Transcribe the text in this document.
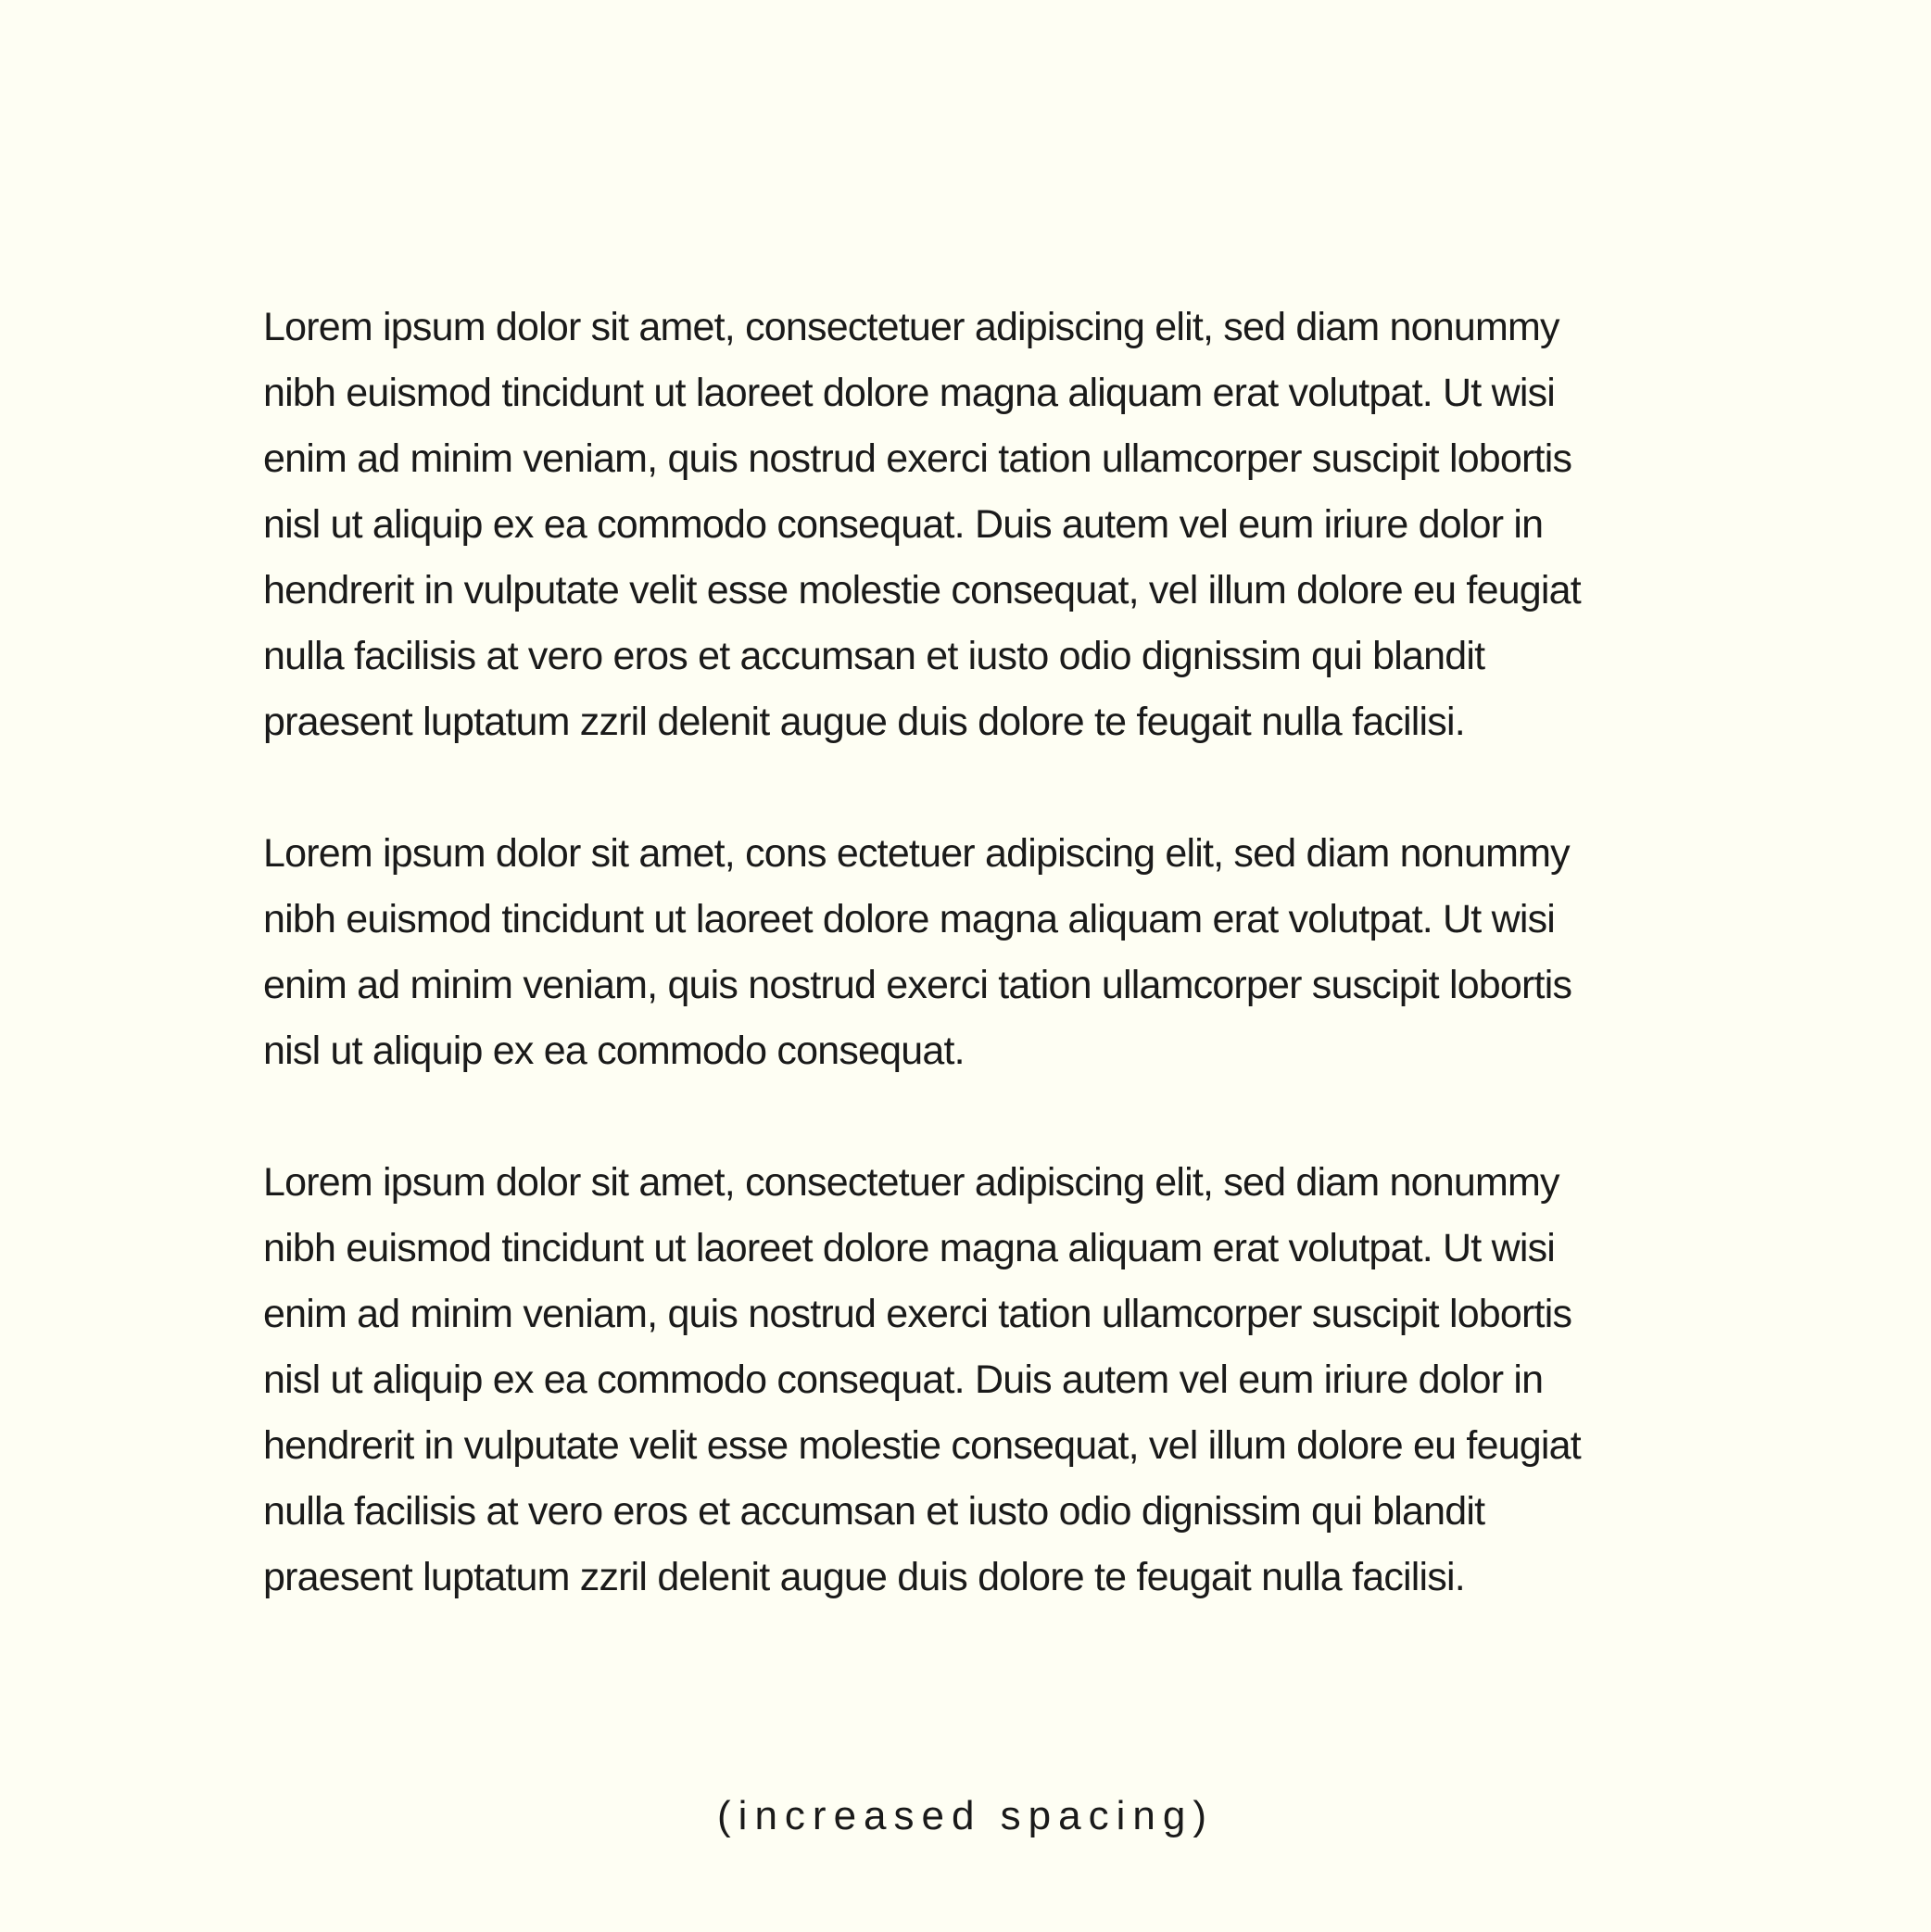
Lorem ipsum dolor sit amet, consectetuer adipiscing elit, sed diam nonummy
nibh euismod tincidunt ut laoreet dolore magna aliquam erat volutpat. Ut wisi
enim ad minim veniam, quis nostrud exerci tation ullamcorper suscipit lobortis
nisl ut aliquip ex ea commodo consequat. Duis autem vel eum iriure dolor in
hendrerit in vulputate velit esse molestie consequat, vel illum dolore eu feugiat
nulla facilisis at vero eros et accumsan et iusto odio dignissim qui blandit
praesent luptatum zzril delenit augue duis dolore te feugait nulla facilisi.

Lorem ipsum dolor sit amet, cons ectetuer adipiscing elit, sed diam nonummy
nibh euismod tincidunt ut laoreet dolore magna aliquam erat volutpat. Ut wisi
enim ad minim veniam, quis nostrud exerci tation ullamcorper suscipit lobortis
nisl ut aliquip ex ea commodo consequat.

Lorem ipsum dolor sit amet, consectetuer adipiscing elit, sed diam nonummy
nibh euismod tincidunt ut laoreet dolore magna aliquam erat volutpat. Ut wisi
enim ad minim veniam, quis nostrud exerci tation ullamcorper suscipit lobortis
nisl ut aliquip ex ea commodo consequat. Duis autem vel eum iriure dolor in
hendrerit in vulputate velit esse molestie consequat, vel illum dolore eu feugiat
nulla facilisis at vero eros et accumsan et iusto odio dignissim qui blandit
praesent luptatum zzril delenit augue duis dolore te feugait nulla facilisi.

(increased spacing)
